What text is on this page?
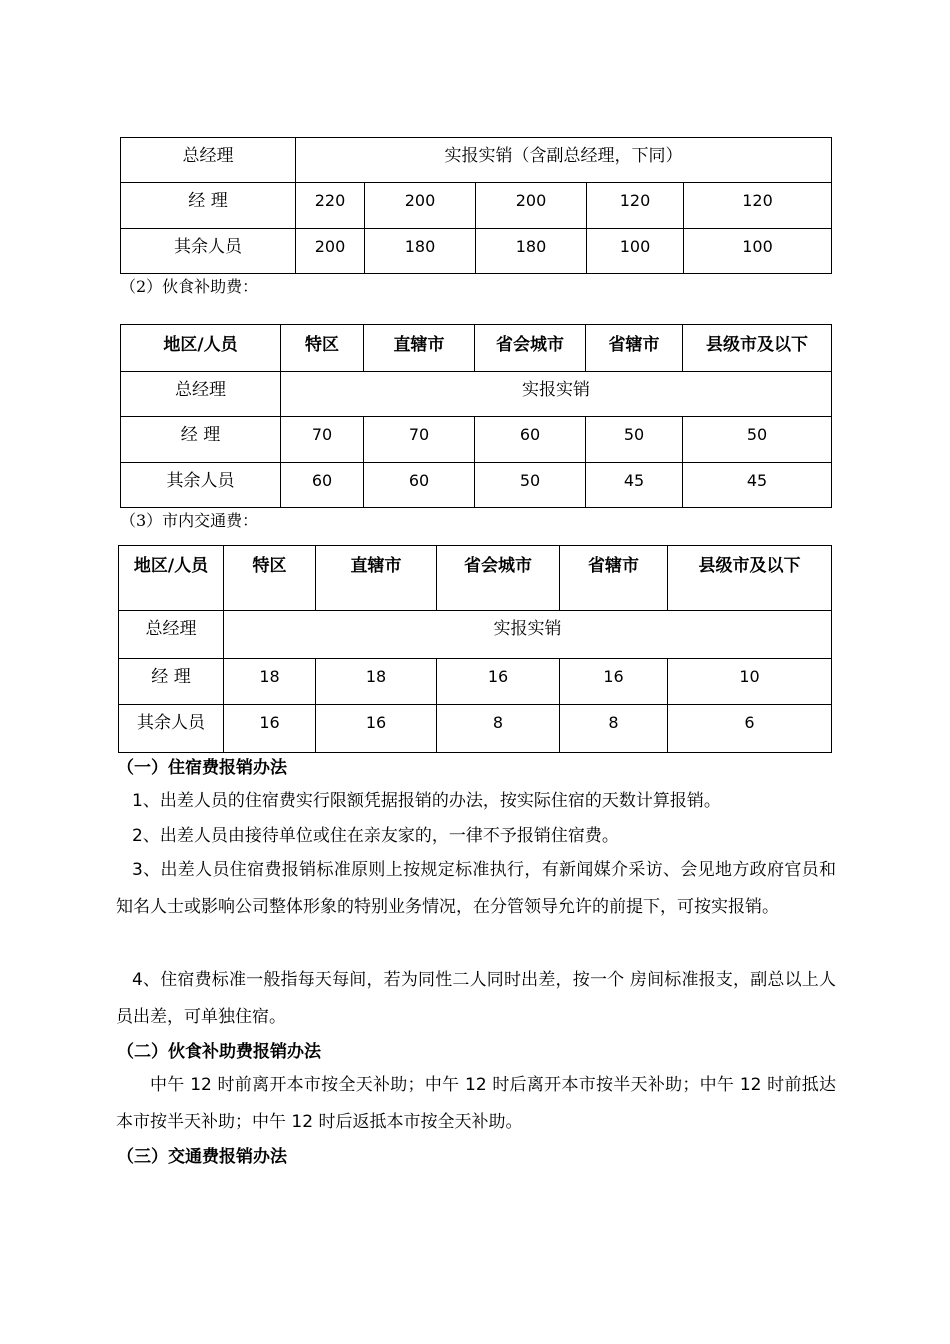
总经理	实报实销（含副总经理，下同）				

经 理	220	200	200	120	120

其余人员	200	180	180	100	100
（2）伙食补助费：
地区/人员	特区	直辖市	省会城市	省辖市	县级市及以下

总经理	实报实销				

经 理	70	70	60	50	50

其余人员	60	60	50	45	45
（3）市内交通费：
地区/人员	特区	直辖市	省会城市	省辖市	县级市及以下

总经理	实报实销				

经 理	18	18	16	16	10

其余人员	16	16	8	8	6
（一）住宿费报销办法
1、出差人员的住宿费实行限额凭据报销的办法，按实际住宿的天数计算报销。
2、出差人员由接待单位或住在亲友家的，一律不予报销住宿费。
3、出差人员住宿费报销标准原则上按规定标准执行，有新闻媒介采访、会见地方政府官员和知名人士或影响公司整体形象的特别业务情况，在分管领导允许的前提下，可按实报销。
4、住宿费标准一般指每天每间，若为同性二人同时出差，按一个 房间标准报支，副总以上人员出差，可单独住宿。
（二）伙食补助费报销办法
中午 12 时前离开本市按全天补助；中午 12 时后离开本市按半天补助；中午 12 时前抵达本市按半天补助；中午 12 时后返抵本市按全天补助。
（三）交通费报销办法
